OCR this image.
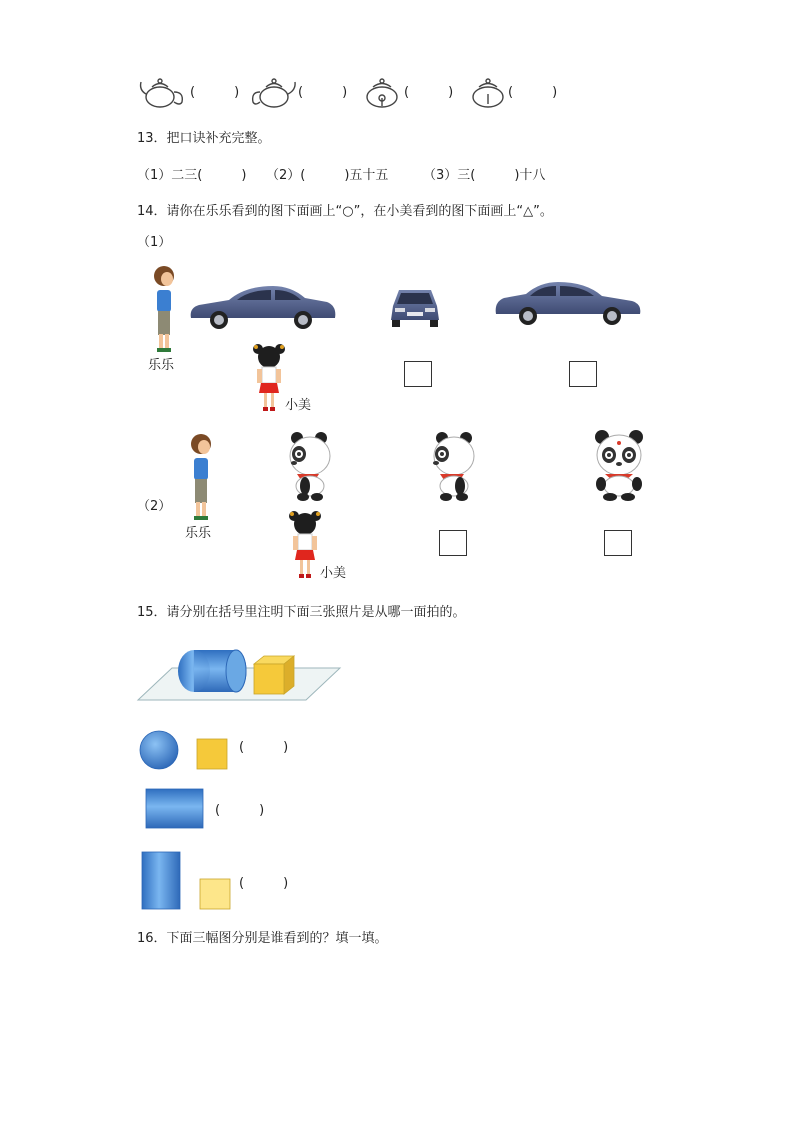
(　　　)	(　　　)	(　　　)	(　　　)
13．把口诀补充完整。
（1）二三(　　　) （2）(　　　)五十五	（3）三(　　　)十八
14．请你在乐乐看到的图下面画上“○”，在小美看到的图下面画上“△”。
（1）
乐乐
小美
（2）
乐乐
小美
15．请分别在括号里注明下面三张照片是从哪一面拍的。
(　　　)
(　　　)
(　　　)
16．下面三幅图分别是谁看到的？填一填。
